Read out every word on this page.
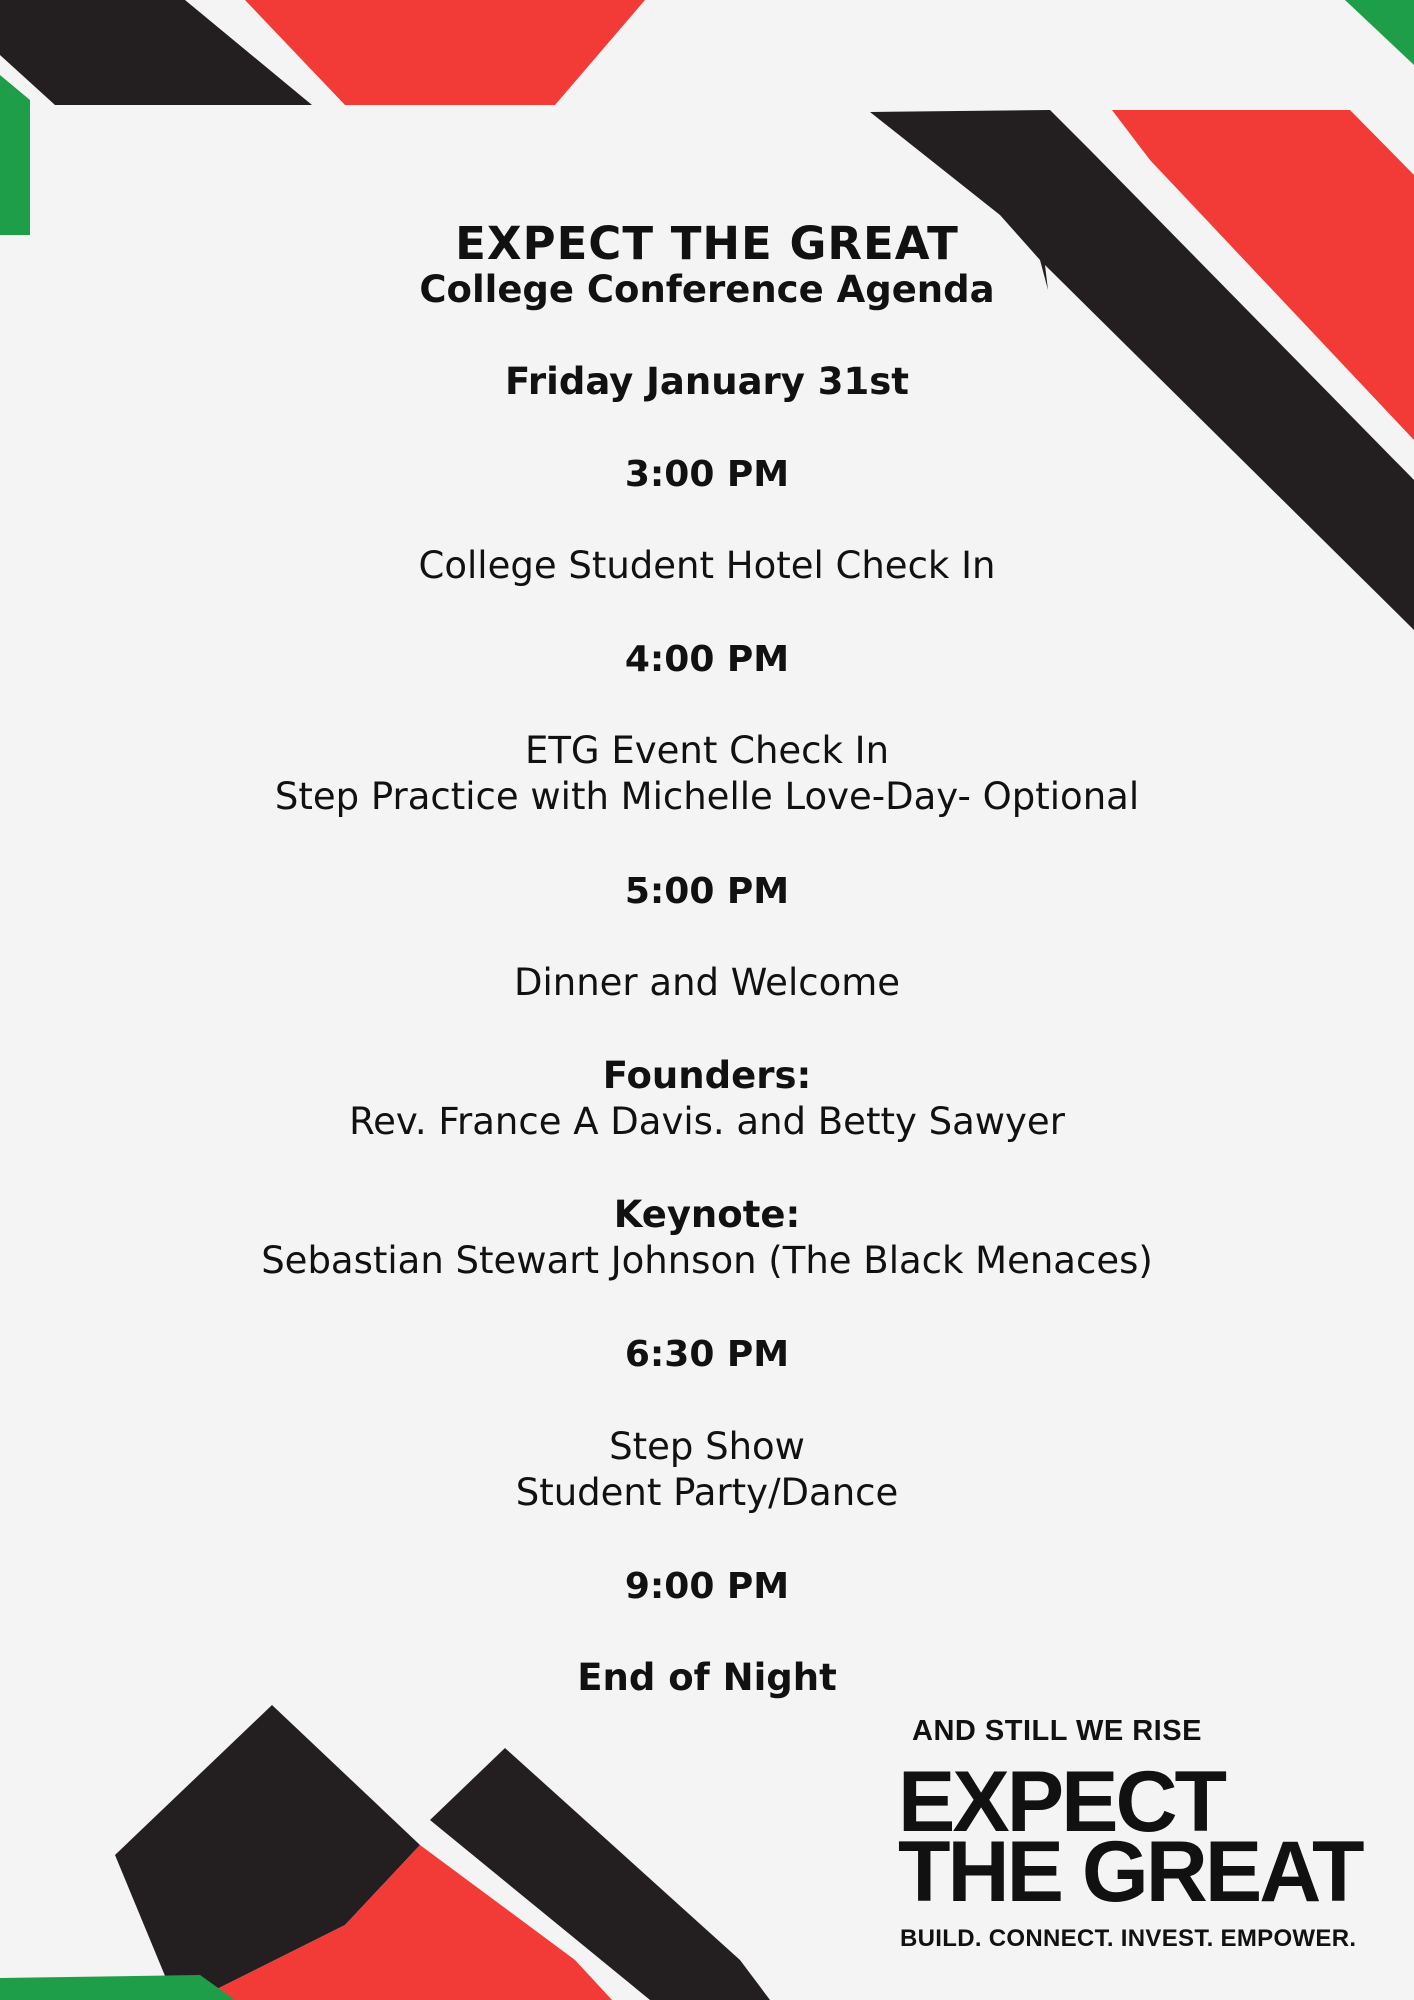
EXPECT THE GREAT
College Conference Agenda
Friday January 31st
3:00 PM
College Student Hotel Check In
4:00 PM
ETG Event Check In
Step Practice with Michelle Love-Day- Optional
5:00 PM
Dinner and Welcome
Founders:
Rev. France A Davis. and Betty Sawyer
Keynote:
Sebastian Stewart Johnson (The Black Menaces)
6:30 PM
Step Show
Student Party/Dance
9:00 PM
End of Night
AND STILL WE RISE
EXPECT
THE GREAT
BUILD. CONNECT. INVEST. EMPOWER.
